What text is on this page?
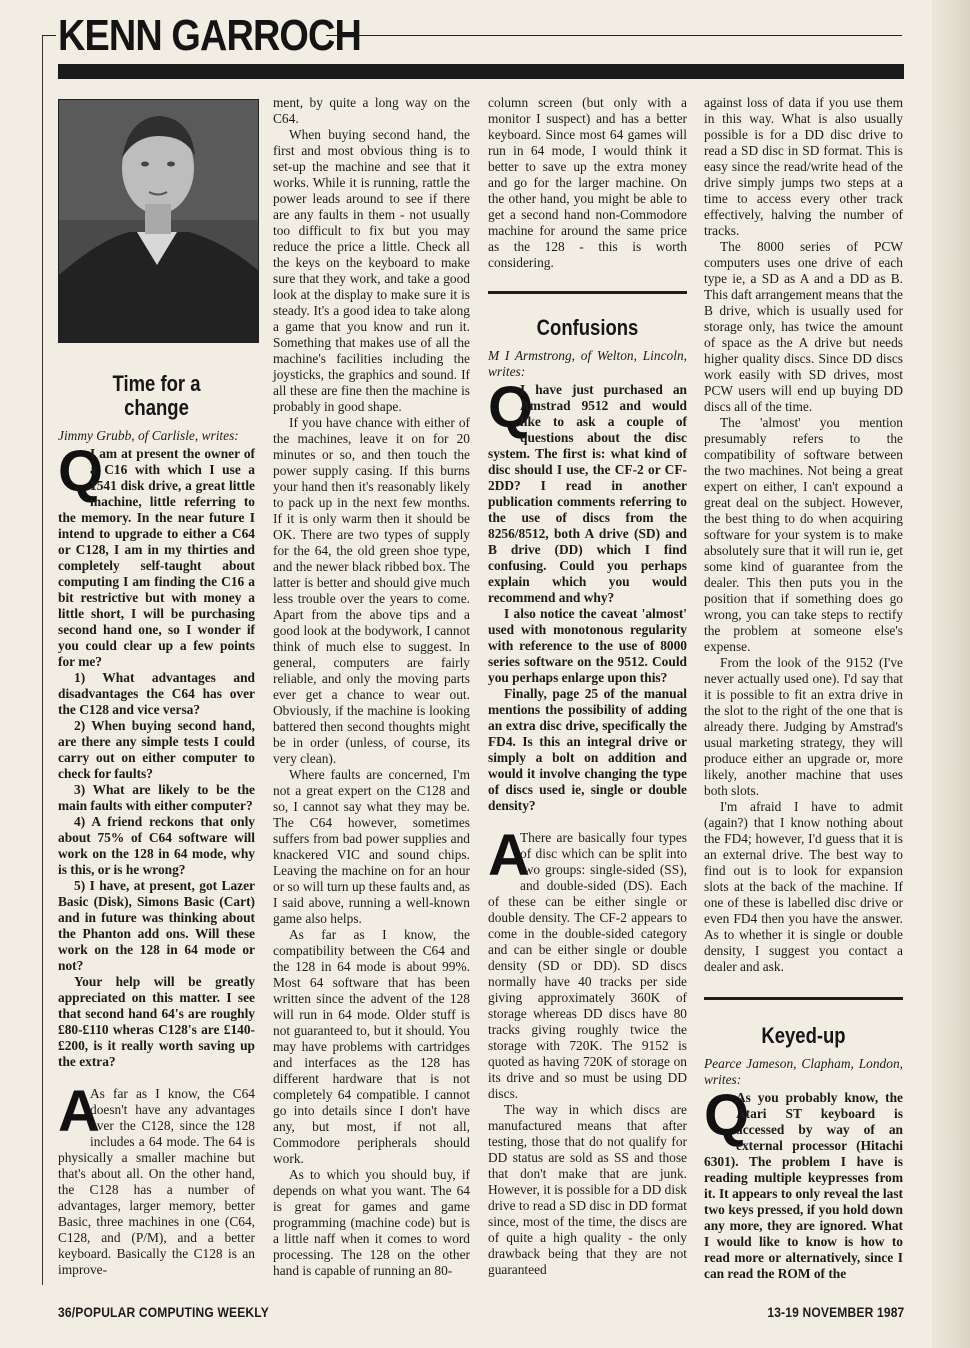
KENN GARROCH
Time for a
change

Jimmy Grubb, of Carlisle, writes:

Q

I am at present the owner of a C16 with which I use a 1541 disk drive, a great little machine, little referring to the memory. In the near future I intend to upgrade to either a C64 or C128, I am in my thirties and completely self-taught about computing I am finding the C16 a bit restrictive but with money a little short, I will be purchasing second hand one, so I wonder if you could clear up a few points for me?

1) What advantages and disadvantages the C64 has over the C128 and vice versa?

2) When buying second hand, are there any simple tests I could carry out on either computer to check for faults?

3) What are likely to be the main faults with either computer?

4) A friend reckons that only about 75% of C64 software will work on the 128 in 64 mode, why is this, or is he wrong?

5) I have, at present, got Lazer Basic (Disk), Simons Basic (Cart) and in future was thinking about the Phanton add ons. Will these work on the 128 in 64 mode or not?

Your help will be greatly appreciated on this matter. I see that second hand 64's are roughly £80-£110 wheras C128's are £140-£200, is it really worth saving up the extra?

A

As far as I know, the C64 doesn't have any advantages over the C128, since the 128 includes a 64 mode. The 64 is physically a smaller machine but that's about all. On the other hand, the C128 has a number of advantages, larger memory, better Basic, three machines in one (C64, C128, and (P/M), and a better keyboard. Basically the C128 is an improve-

ment, by quite a long way on the C64.

When buying second hand, the first and most obvious thing is to set-up the machine and see that it works. While it is running, rattle the power leads around to see if there are any faults in them - not usually too difficult to fix but you may reduce the price a little. Check all the keys on the keyboard to make sure that they work, and take a good look at the display to make sure it is steady. It's a good idea to take along a game that you know and run it. Something that makes use of all the machine's facilities including the joysticks, the graphics and sound. If all these are fine then the machine is probably in good shape.

If you have chance with either of the machines, leave it on for 20 minutes or so, and then touch the power supply casing. If this burns your hand then it's reasonably likely to pack up in the next few months. If it is only warm then it should be OK. There are two types of supply for the 64, the old green shoe type, and the newer black ribbed box. The latter is better and should give much less trouble over the years to come. Apart from the above tips and a good look at the bodywork, I cannot think of much else to suggest. In general, computers are fairly reliable, and only the moving parts ever get a chance to wear out. Obviously, if the machine is looking battered then second thoughts might be in order (unless, of course, its very clean).

Where faults are concerned, I'm not a great expert on the C128 and so, I cannot say what they may be. The C64 however, sometimes suffers from bad power supplies and knackered VIC and sound chips. Leaving the machine on for an hour or so will turn up these faults and, as I said above, running a well-known game also helps.

As far as I know, the compatibility between the C64 and the 128 in 64 mode is about 99%. Most 64 software that has been written since the advent of the 128 will run in 64 mode. Older stuff is not guaranteed to, but it should. You may have problems with cartridges and interfaces as the 128 has different hardware that is not completely 64 compatible. I cannot go into details since I don't have any, but most, if not all, Commodore peripherals should work.

As to which you should buy, if depends on what you want. The 64 is great for games and game programming (machine code) but is a little naff when it comes to word processing. The 128 on the other hand is capable of running an 80-

column screen (but only with a monitor I suspect) and has a better keyboard. Since most 64 games will run in 64 mode, I would think it better to save up the extra money and go for the larger machine. On the other hand, you might be able to get a second hand non-Commodore machine for around the same price as the 128 - this is worth considering.

Confusions

M I Armstrong, of Welton, Lincoln, writes:

Q

I have just purchased an Amstrad 9512 and would like to ask a couple of questions about the disc system. The first is: what kind of disc should I use, the CF-2 or CF-2DD? I read in another publication comments referring to the use of discs from the 8256/8512, both A drive (SD) and B drive (DD) which I find confusing. Could you perhaps explain which you would recommend and why?

I also notice the caveat 'almost' used with monotonous regularity with reference to the use of 8000 series software on the 9512. Could you perhaps enlarge upon this?

Finally, page 25 of the manual mentions the possibility of adding an extra disc drive, specifically the FD4. Is this an integral drive or simply a bolt on addition and would it involve changing the type of discs used ie, single or double density?

A

There are basically four types of disc which can be split into two groups: single-sided (SS), and double-sided (DS). Each of these can be either single or double density. The CF-2 appears to come in the double-sided category and can be either single or double density (SD or DD). SD discs normally have 40 tracks per side giving approximately 360K of storage whereas DD discs have 80 tracks giving roughly twice the storage with 720K. The 9152 is quoted as having 720K of storage on its drive and so must be using DD discs.

The way in which discs are manufactured means that after testing, those that do not qualify for DD status are sold as SS and those that don't make that are junk. However, it is possible for a DD disk drive to read a SD disc in DD format since, most of the time, the discs are of quite a high quality - the only drawback being that they are not guaranteed

against loss of data if you use them in this way. What is also usually possible is for a DD disc drive to read a SD disc in SD format. This is easy since the read/write head of the drive simply jumps two steps at a time to access every other track effectively, halving the number of tracks.

The 8000 series of PCW computers uses one drive of each type ie, a SD as A and a DD as B. This daft arrangement means that the B drive, which is usually used for storage only, has twice the amount of space as the A drive but needs higher quality discs. Since DD discs work easily with SD drives, most PCW users will end up buying DD discs all of the time.

The 'almost' you mention presumably refers to the compatibility of software between the two machines. Not being a great expert on either, I can't expound a great deal on the subject. However, the best thing to do when acquiring software for your system is to make absolutely sure that it will run ie, get some kind of guarantee from the dealer. This then puts you in the position that if something does go wrong, you can take steps to rectify the problem at someone else's expense.

From the look of the 9152 (I've never actually used one). I'd say that it is possible to fit an extra drive in the slot to the right of the one that is already there. Judging by Amstrad's usual marketing strategy, they will produce either an upgrade or, more likely, another machine that uses both slots.

I'm afraid I have to admit (again?) that I know nothing about the FD4; however, I'd guess that it is an external drive. The best way to find out is to look for expansion slots at the back of the machine. If one of these is labelled disc drive or even FD4 then you have the answer. As to whether it is single or double density, I suggest you contact a dealer and ask.

Keyed-up

Pearce Jameson, Clapham, London, writes:

Q

As you probably know, the Atari ST keyboard is accessed by way of an external processor (Hitachi 6301). The problem I have is reading multiple keypresses from it. It appears to only reveal the last two keys pressed, if you hold down any more, they are ignored. What I would like to know is how to read more or alternatively, since I can read the ROM of the

36/POPULAR COMPUTING WEEKLY	13-19 NOVEMBER 1987
